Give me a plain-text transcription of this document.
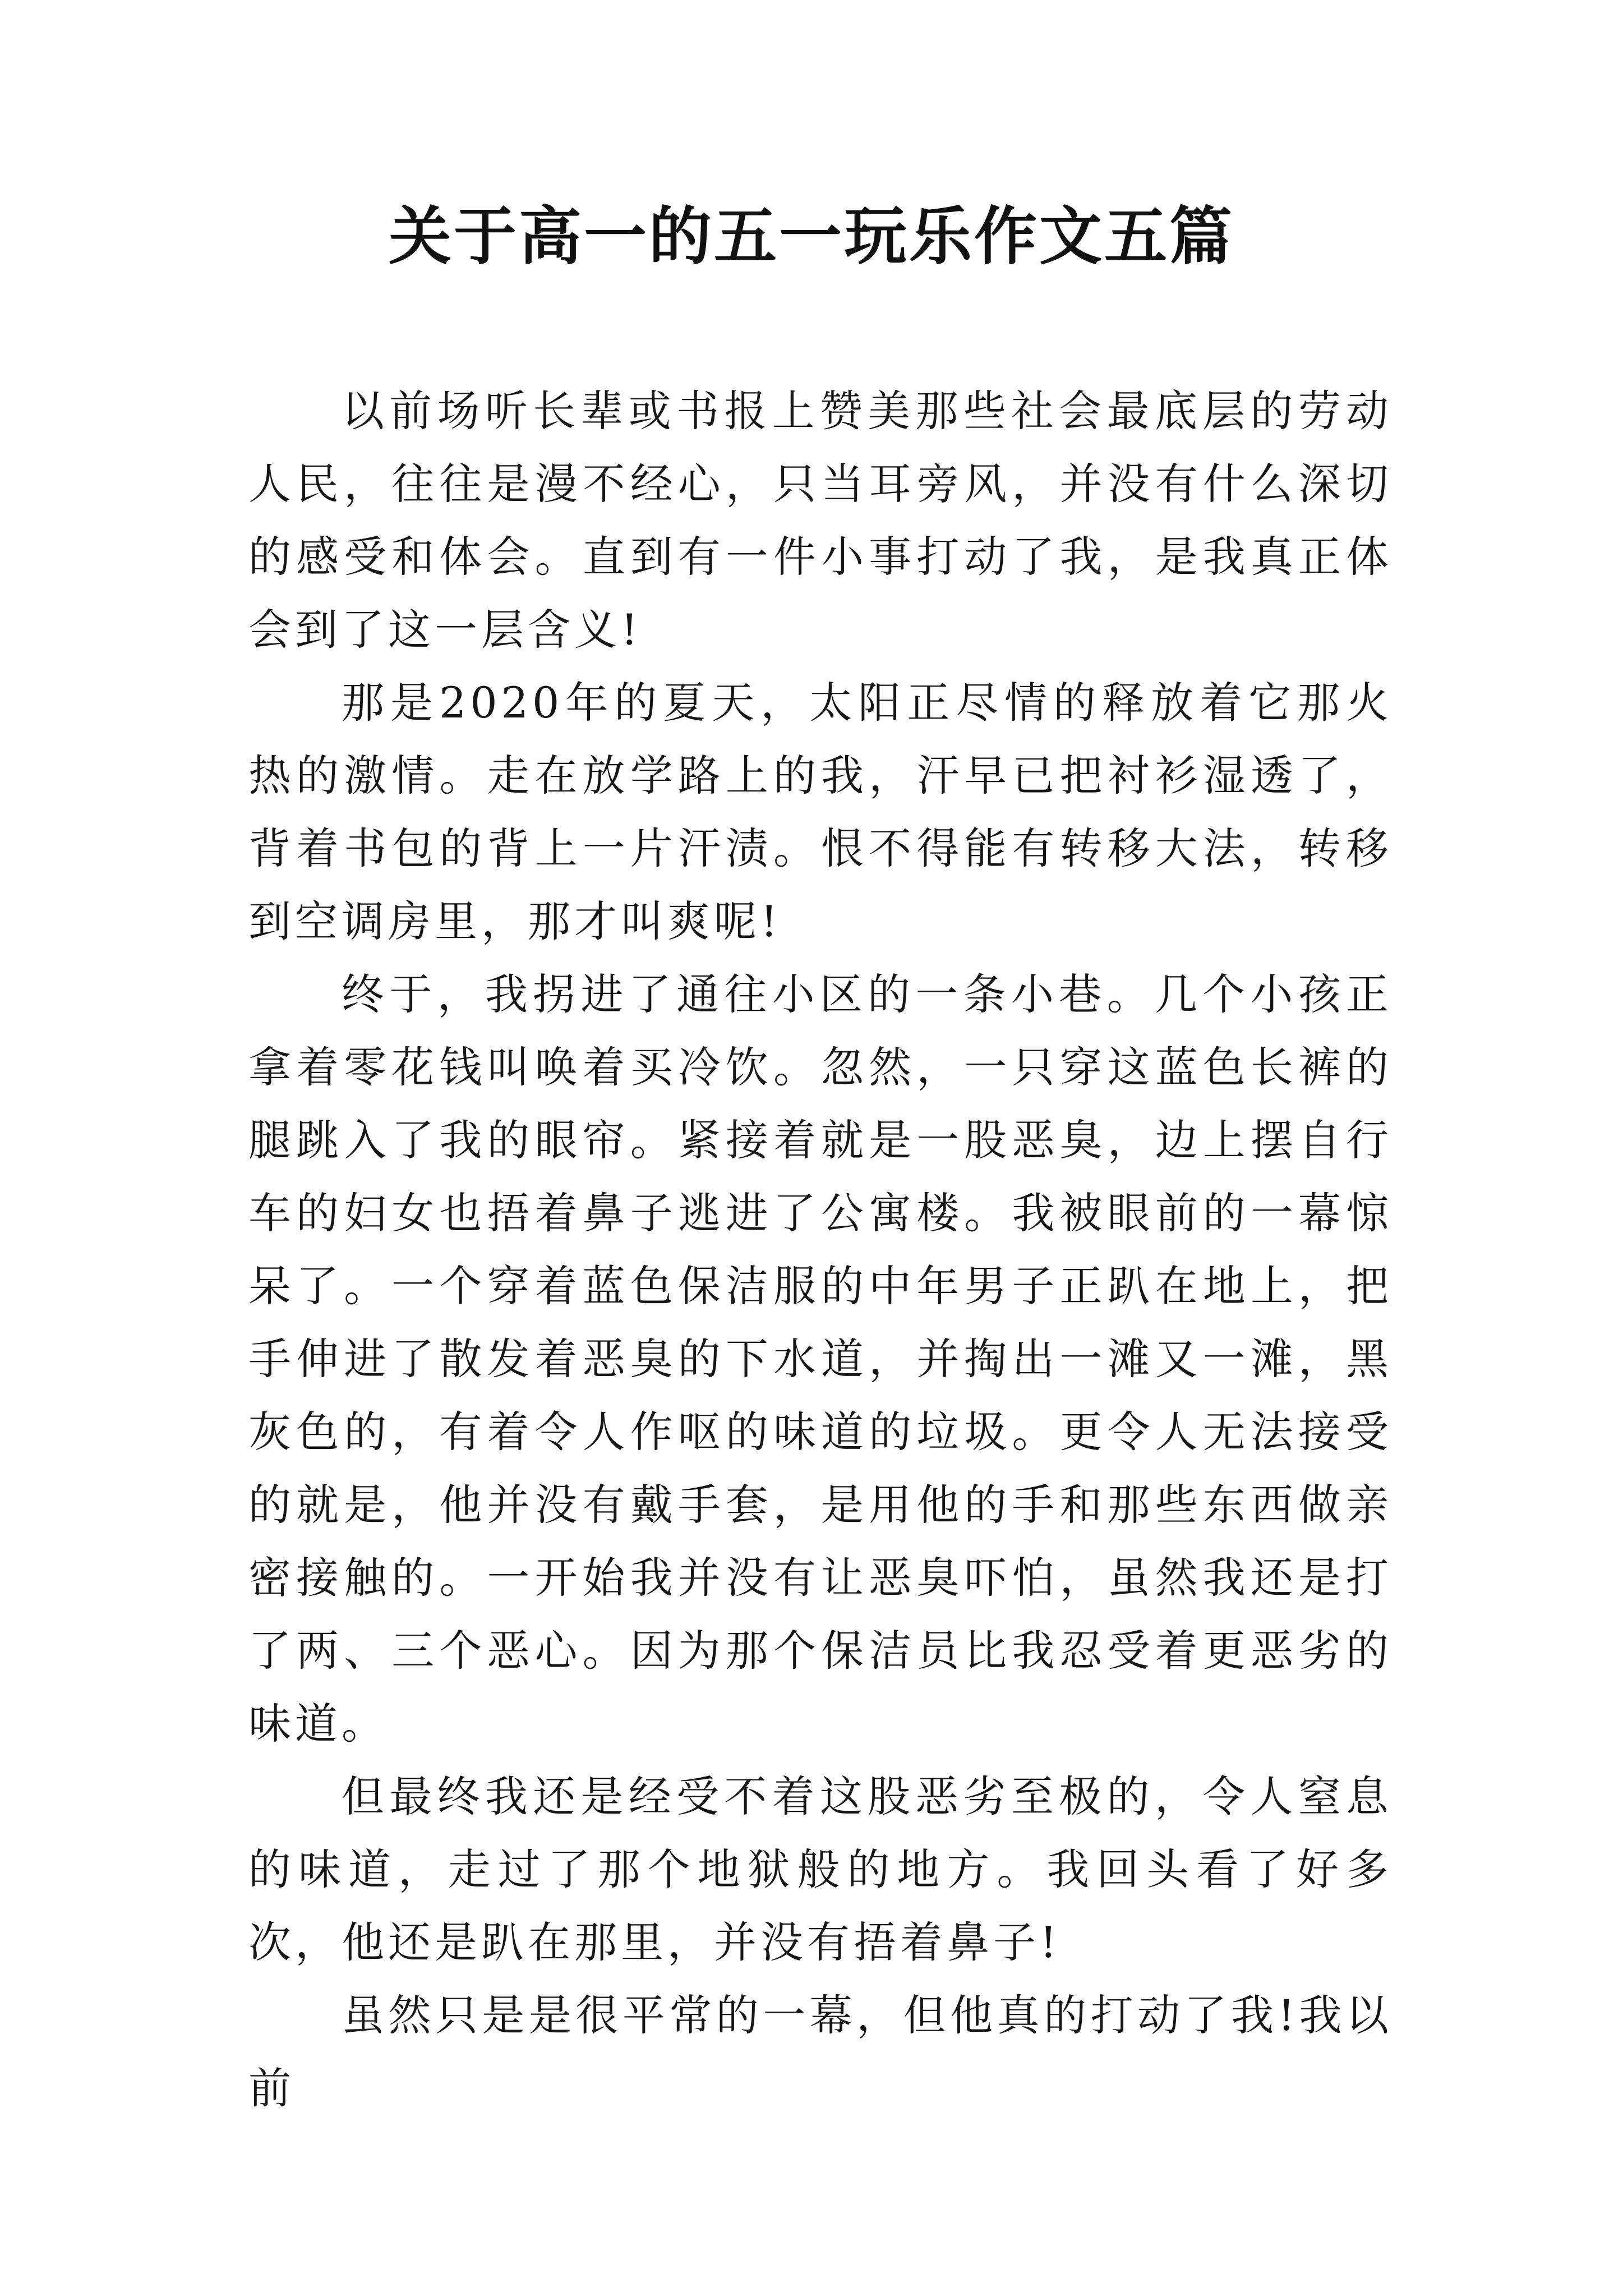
关于高一的五一玩乐作文五篇

以前场听长辈或书报上赞美那些社会最底层的劳动人民，往往是漫不经心，只当耳旁风，并没有什么深切的感受和体会。直到有一件小事打动了我，是我真正体会到了这一层含义!

那是2020年的夏天，太阳正尽情的释放着它那火热的激情。走在放学路上的我，汗早已把衬衫湿透了，背着书包的背上一片汗渍。恨不得能有转移大法，转移到空调房里，那才叫爽呢!

终于，我拐进了通往小区的一条小巷。几个小孩正拿着零花钱叫唤着买冷饮。忽然，一只穿这蓝色长裤的腿跳入了我的眼帘。紧接着就是一股恶臭，边上摆自行车的妇女也捂着鼻子逃进了公寓楼。我被眼前的一幕惊呆了。一个穿着蓝色保洁服的中年男子正趴在地上，把手伸进了散发着恶臭的下水道，并掏出一滩又一滩，黑灰色的，有着令人作呕的味道的垃圾。更令人无法接受的就是，他并没有戴手套，是用他的手和那些东西做亲密接触的。一开始我并没有让恶臭吓怕，虽然我还是打了两、三个恶心。因为那个保洁员比我忍受着更恶劣的味道。

但最终我还是经受不着这股恶劣至极的，令人窒息的味道，走过了那个地狱般的地方。我回头看了好多次，他还是趴在那里，并没有捂着鼻子!

虽然只是是很平常的一幕，但他真的打动了我!我以前
